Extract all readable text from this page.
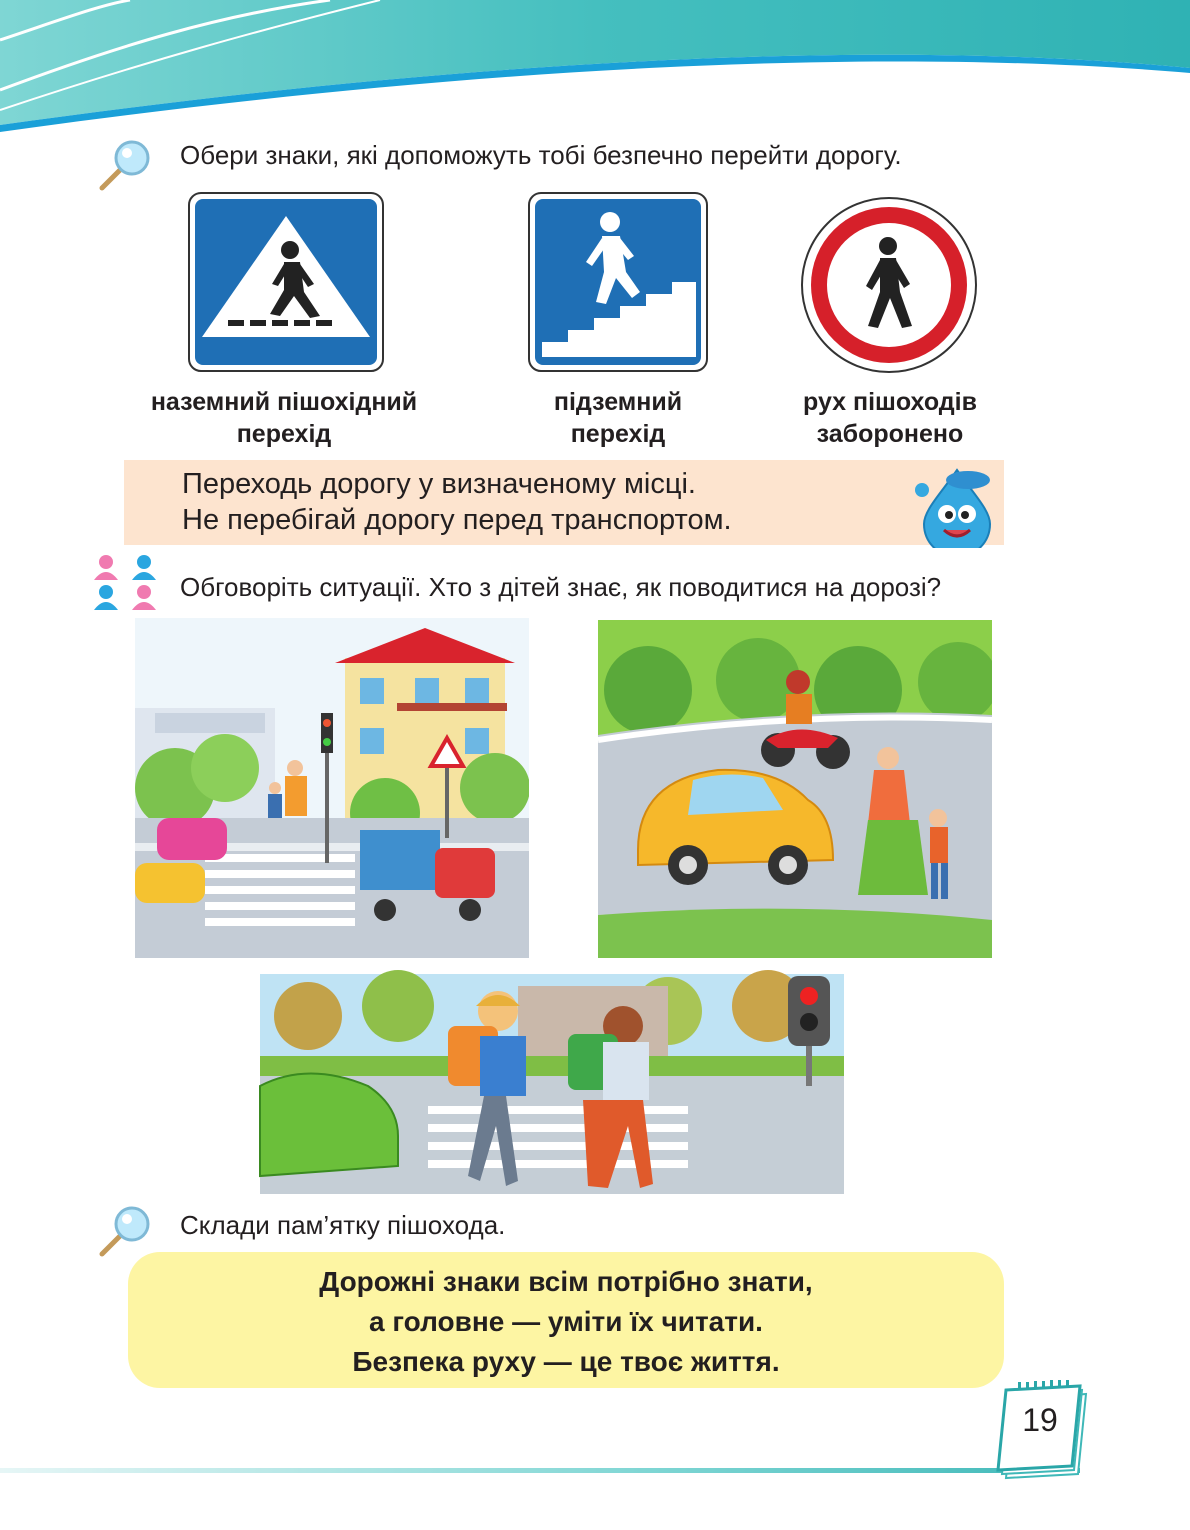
Обери знаки, які допоможуть тобі безпечно перейти дорогу.
наземний пішохідний
перехід
підземний
перехід
рух пішоходів
заборонено
Переходь дорогу у визначеному місці.
Не перебігай дорогу перед транспортом.
Обговоріть ситуації. Хто з дітей знає, як поводитися на дорозі?
Склади пам’ятку пішохода.
Дорожні знаки всім потрібно знати,
а головне — уміти їх читати.
Безпека руху — це твоє життя.
19
